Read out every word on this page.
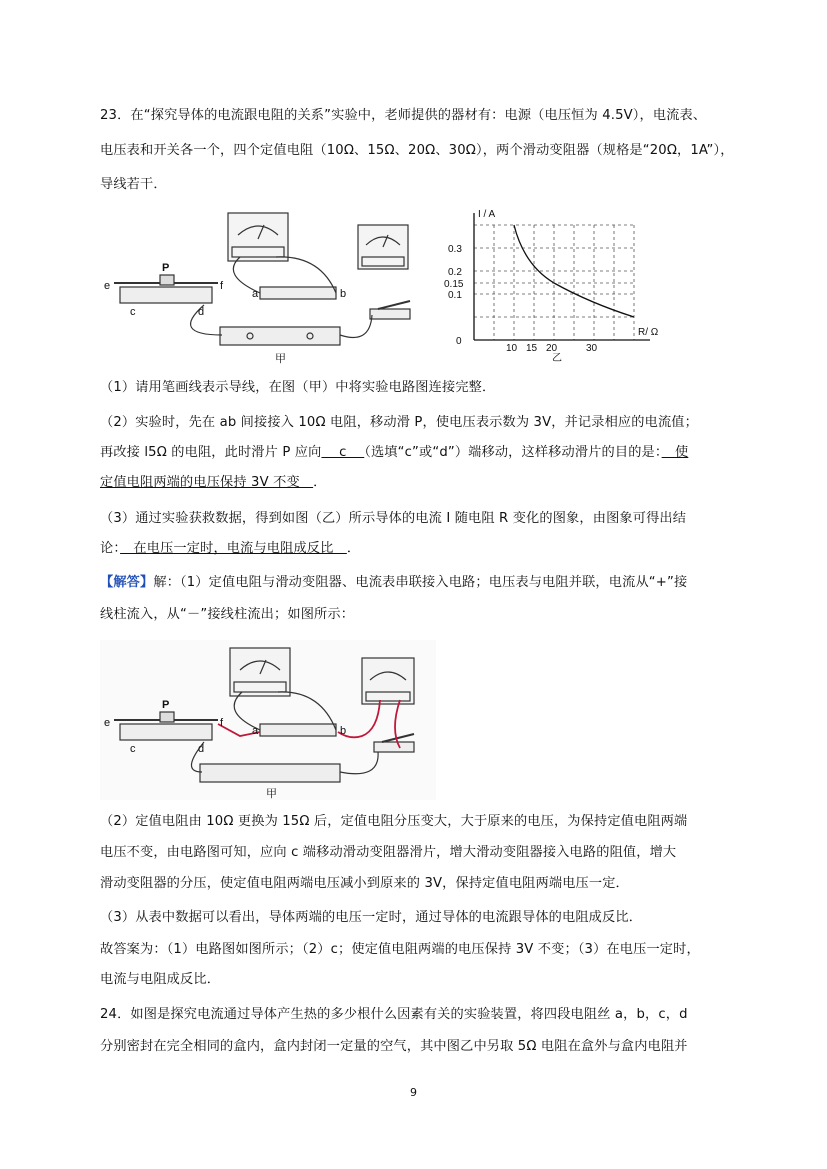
23．在“探究导体的电流跟电阻的关系”实验中，老师提供的器材有：电源（电压恒为 4.5V），电流表、
电压表和开关各一个，四个定值电阻（10Ω、15Ω、20Ω、30Ω），两个滑动变阻器（规格是“20Ω，1A”），
导线若干．
e	f
P
c	d
a	b
甲
I / A
R/ Ω
0.3
0.2
0.15
0.1
0
10 15 20	30
乙
（1）请用笔画线表示导线，在图（甲）中将实验电路图连接完整．
（2）实验时，先在 ab 间接接入 10Ω 电阻，移动滑 P，使电压表示数为 3V，并记录相应的电流值；
再改接 l5Ω 的电阻，此时滑片 P 应向　 c 　（选填“c”或“d”）端移动，这样移动滑片的目的是：　使
定值电阻两端的电压保持 3V 不变　．
（3）通过实验获救数据，得到如图（乙）所示导体的电流 I 随电阻 R 变化的图象，由图象可得出结
论：　在电压一定时，电流与电阻成反比　．
【解答】解：（1）定值电阻与滑动变阻器、电流表串联接入电路；电压表与电阻并联，电流从“+”接
线柱流入，从“－”接线柱流出；如图所示：
e	f
P
c	d
a	b
甲
（2）定值电阻由 10Ω 更换为 15Ω 后，定值电阻分压变大，大于原来的电压，为保持定值电阻两端
电压不变，由电路图可知，应向 c 端移动滑动变阻器滑片，增大滑动变阻器接入电路的阻值，增大
滑动变阻器的分压，使定值电阻两端电压减小到原来的 3V，保持定值电阻两端电压一定．
（3）从表中数据可以看出，导体两端的电压一定时，通过导体的电流跟导体的电阻成反比．
故答案为：（1）电路图如图所示；（2）c；使定值电阻两端的电压保持 3V 不变；（3）在电压一定时，
电流与电阻成反比．
24．如图是探究电流通过导体产生热的多少根什么因素有关的实验装置，将四段电阻丝 a，b，c，d
分别密封在完全相同的盒内，盒内封闭一定量的空气，其中图乙中另取 5Ω 电阻在盒外与盒内电阻并
9
